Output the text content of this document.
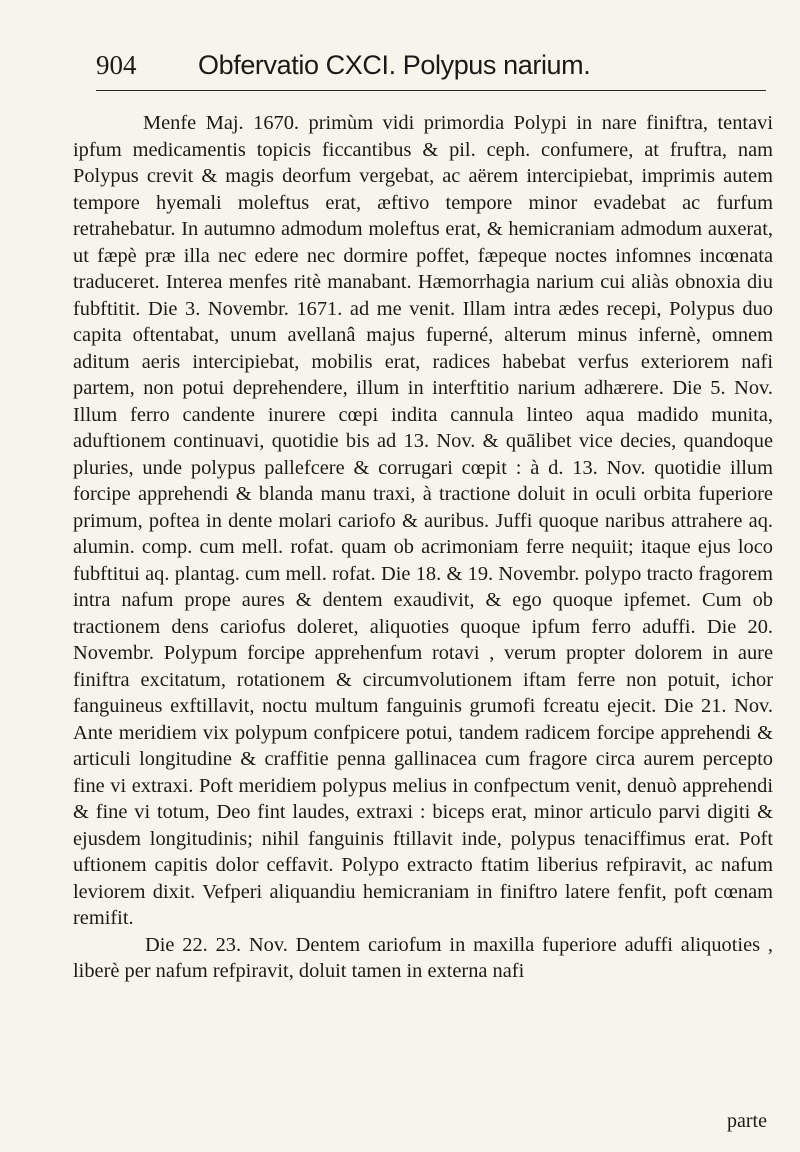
904 Obfervatio CXCI. Polypus narium.

Menfe Maj. 1670. primùm vidi primordia Polypi in nare finiftra, tentavi ipfum medicamentis topicis ficcantibus & pil. ceph. confumere, at fruftra, nam Polypus crevit & magis deorfum vergebat, ac aërem intercipiebat, imprimis autem tempore hyemali moleftus erat, æftivo tempore minor evadebat ac furfum retrahebatur. In autumno admodum moleftus erat, & hemicraniam admodum auxerat, ut fæpè præ illa nec edere nec dormire poffet, fæpeque noctes infomnes incœnata traduceret. Interea menfes ritè manabant. Hæmorrhagia narium cui aliàs obnoxia diu fubftitit. Die 3. Novembr. 1671. ad me venit. Illam intra ædes recepi, Polypus duo capita oftentabat, unum avellanâ majus fuperné, alterum minus infernè, omnem aditum aeris intercipiebat, mobilis erat, radices habebat verfus exteriorem nafi partem, non potui deprehendere, illum in interftitio narium adhærere. Die 5. Nov. Illum ferro candente inurere cœpi indita cannula linteo aqua madido munita, aduftionem continuavi, quotidie bis ad 13. Nov. & quālibet vice decies, quandoque pluries, unde polypus pallefcere & corrugari cœpit : à d. 13. Nov. quotidie illum forcipe apprehendi & blanda manu traxi, à tractione doluit in oculi orbita fuperiore primum, poftea in dente molari cariofo & auribus. Juffi quoque naribus attrahere aq. alumin. comp. cum mell. rofat. quam ob acrimoniam ferre nequiit; itaque ejus loco fubftitui aq. plantag. cum mell. rofat. Die 18. & 19. Novembr. polypo tracto fragorem intra nafum prope aures & dentem exaudivit, & ego quoque ipfemet. Cum ob tractionem dens cariofus doleret, aliquoties quoque ipfum ferro aduffi. Die 20. Novembr. Polypum forcipe apprehenfum rotavi , verum propter dolorem in aure finiftra excitatum, rotationem & circumvolutionem iftam ferre non potuit, ichor fanguineus exftillavit, noctu multum fanguinis grumofi fcreatu ejecit. Die 21. Nov. Ante meridiem vix polypum confpicere potui, tandem radicem forcipe apprehendi & articuli longitudine & craffitie penna gallinacea cum fragore circa aurem percepto fine vi extraxi. Poft meridiem polypus melius in confpectum venit, denuò apprehendi & fine vi totum, Deo fint laudes, extraxi : biceps erat, minor articulo parvi digiti & ejusdem longitudinis; nihil fanguinis ftillavit inde, polypus tenaciffimus erat. Poft uftionem capitis dolor ceffavit. Polypo extracto ftatim liberius refpiravit, ac nafum leviorem dixit. Vefperi aliquandiu hemicraniam in finiftro latere fenfit, poft cœnam remifit.

Die 22. 23. Nov. Dentem cariofum in maxilla fuperiore aduffi aliquoties , liberè per nafum refpiravit, doluit tamen in externa nafi

parte
